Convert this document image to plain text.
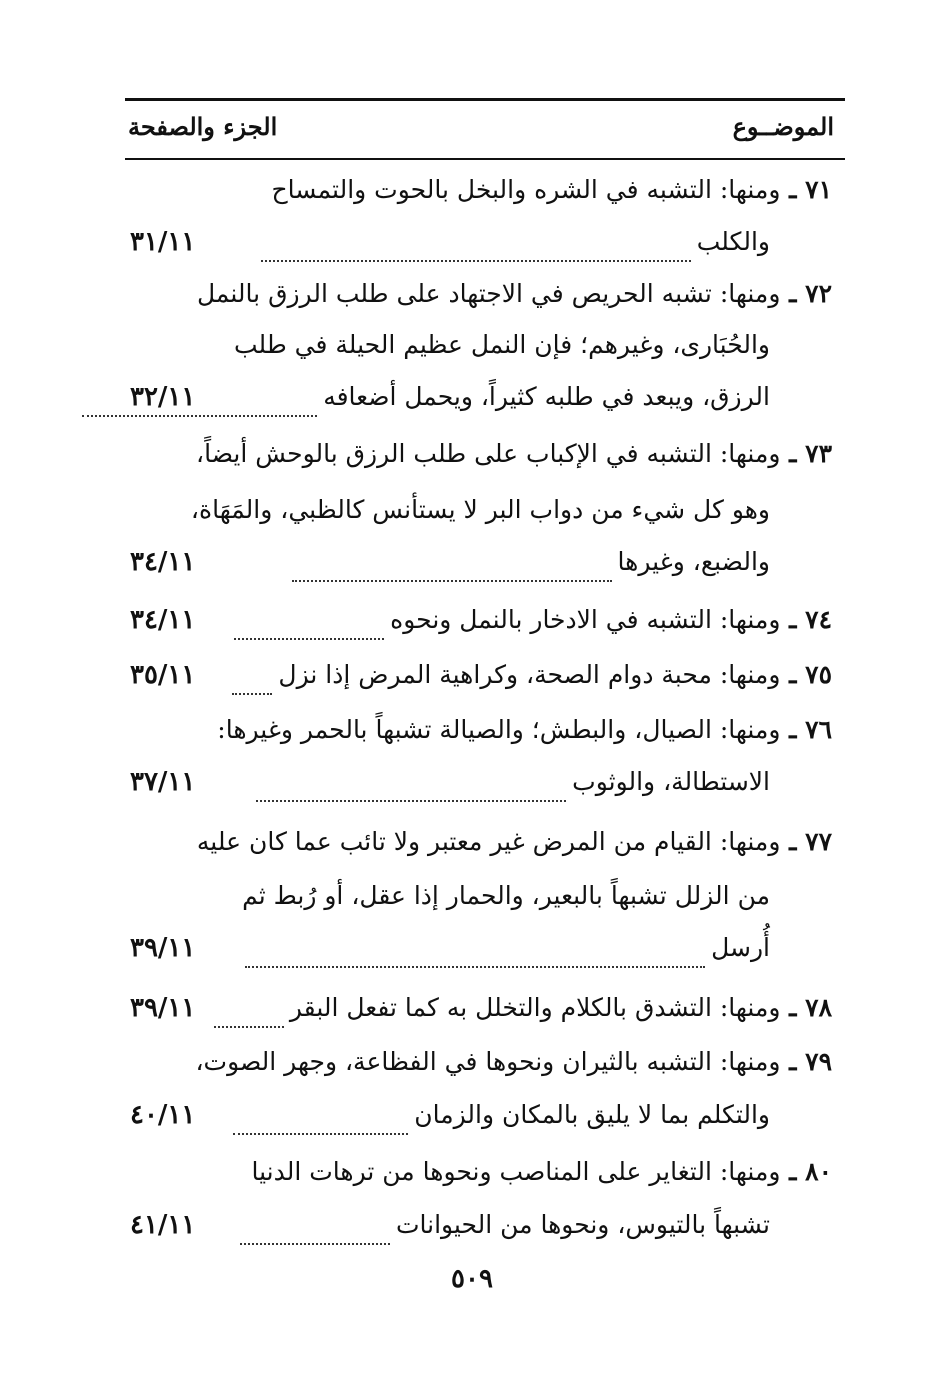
الموضــوع
الجزء والصفحة
٧١ ـ ومنها: التشبه في الشره والبخل بالحوت والتمساح
٣١/١١	والكلب
٧٢ ـ ومنها: تشبه الحريص في الاجتهاد على طلب الرزق بالنمل
والحُبَارى، وغيرهم؛ فإن النمل عظيم الحيلة في طلب
٣٢/١١	الرزق، ويبعد في طلبه كثيراً، ويحمل أضعافه
٧٣ ـ ومنها: التشبه في الإكباب على طلب الرزق بالوحش أيضاً،
وهو كل شيء من دواب البر لا يستأنس كالظبي، والمَهَاة،
٣٤/١١	والضبع، وغيرها
٣٤/١١	٧٤ ـ ومنها: التشبه في الادخار بالنمل ونحوه
٣٥/١١	٧٥ ـ ومنها: محبة دوام الصحة، وكراهية المرض إذا نزل
٧٦ ـ ومنها: الصيال، والبطش؛ والصيالة تشبهاً بالحمر وغيرها:
٣٧/١١	الاستطالة، والوثوب
٧٧ ـ ومنها: القيام من المرض غير معتبر ولا تائب عما كان عليه
من الزلل تشبهاً بالبعير، والحمار إذا عقل، أو رُبط ثم
٣٩/١١	أُرسل
٣٩/١١	٧٨ ـ ومنها: التشدق بالكلام والتخلل به كما تفعل البقر
٧٩ ـ ومنها: التشبه بالثيران ونحوها في الفظاعة، وجهر الصوت،
٤٠/١١	والتكلم بما لا يليق بالمكان والزمان
٨٠ ـ ومنها: التغاير على المناصب ونحوها من ترهات الدنيا
٤١/١١	تشبهاً بالتيوس، ونحوها من الحيوانات
٥٠٩
